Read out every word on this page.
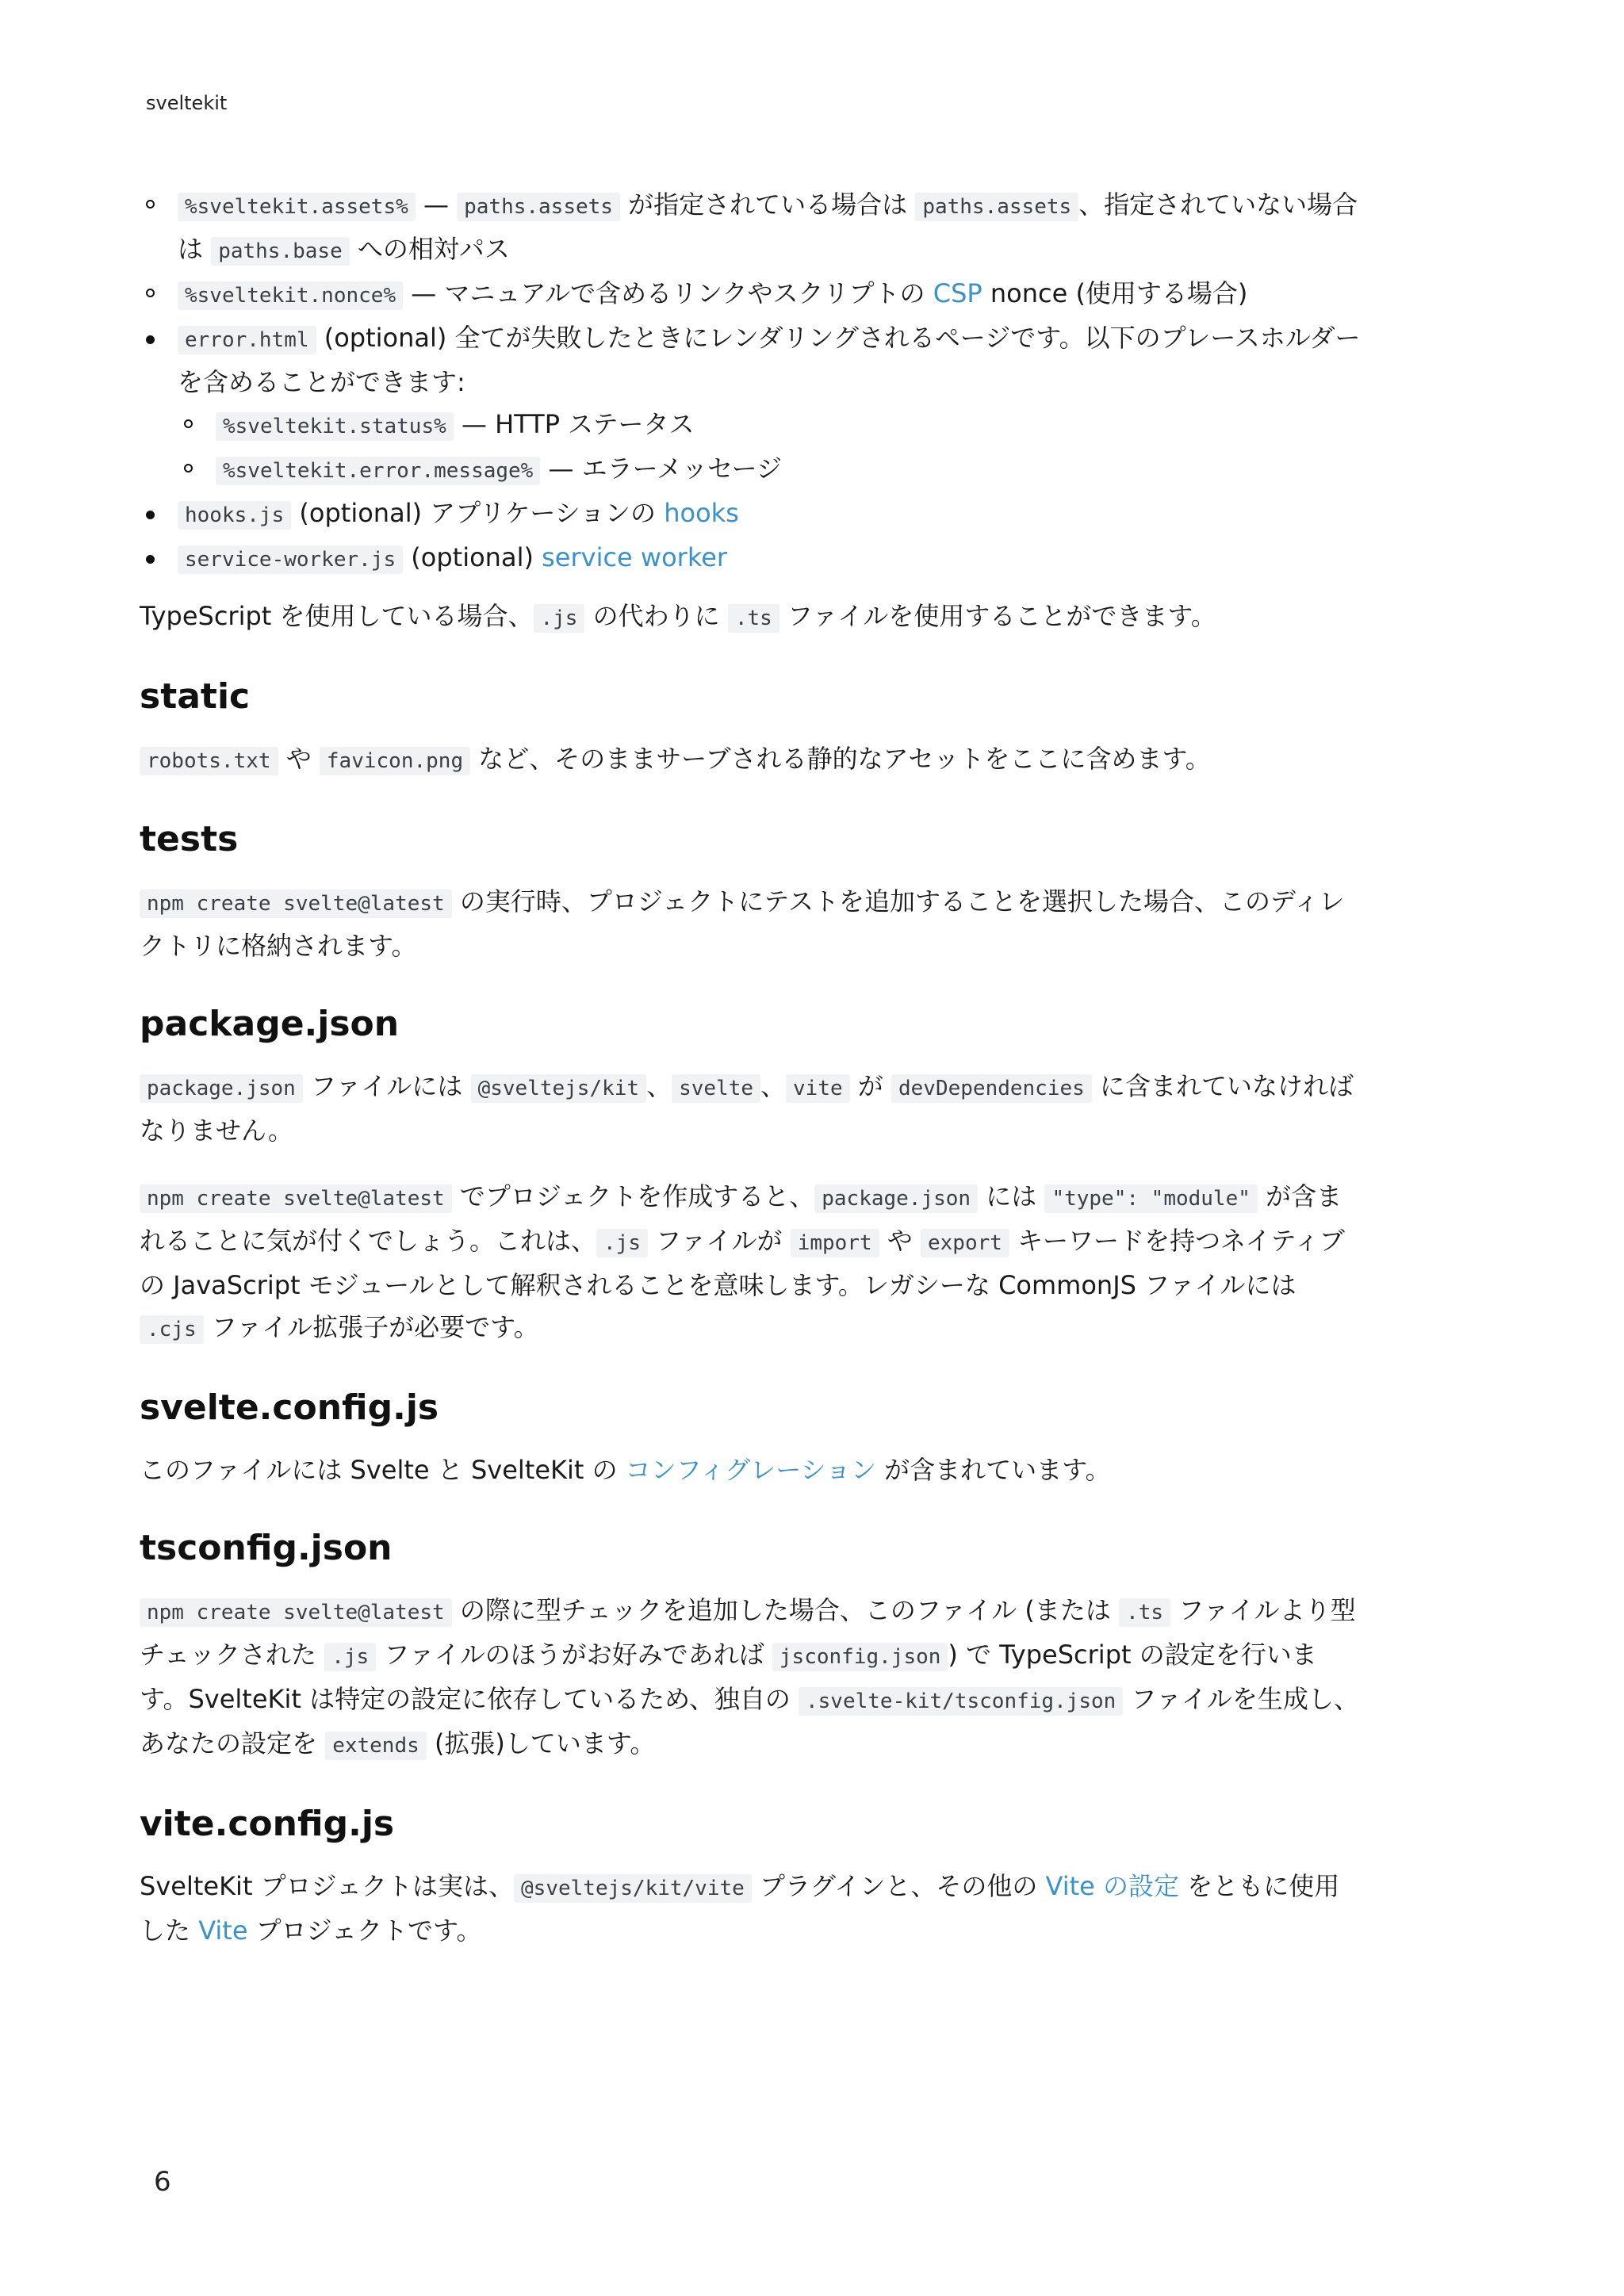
sveltekit
%sveltekit.assets% — paths.assets が指定されている場合は paths.assets 、指定されていない場合は paths.base への相対パス
%sveltekit.nonce% — マニュアルで含めるリンクやスクリプトの CSP nonce (使用する場合)
error.html (optional) 全てが失敗したときにレンダリングされるページです。以下のプレースホルダーを含めることができます:
%sveltekit.status% — HTTP ステータス
%sveltekit.error.message% — エラーメッセージ
hooks.js (optional) アプリケーションの hooks
service-worker.js (optional) service worker

TypeScript を使用している場合、 .js の代わりに .ts ファイルを使用することができます。

static

robots.txt や favicon.png など、そのままサーブされる静的なアセットをここに含めます。

tests

npm create svelte@latest の実行時、プロジェクトにテストを追加することを選択した場合、このディレクトリに格納されます。

package.json

package.json ファイルには @sveltejs/kit 、 svelte 、 vite が devDependencies に含まれていなければなりません。

npm create svelte@latest でプロジェクトを作成すると、 package.json には "type": "module" が含まれることに気が付くでしょう。これは、 .js ファイルが import や export キーワードを持つネイティブの JavaScript モジュールとして解釈されることを意味します。レガシーな CommonJS ファイルには .cjs ファイル拡張子が必要です。

svelte.config.js

このファイルには Svelte と SvelteKit の コンフィグレーション が含まれています。

tsconfig.json

npm create svelte@latest の際に型チェックを追加した場合、このファイル (または .ts ファイルより型チェックされた .js ファイルのほうがお好みであれば jsconfig.json ) で TypeScript の設定を行います。SvelteKit は特定の設定に依存しているため、独自の .svelte-kit/tsconfig.json ファイルを生成し、あなたの設定を extends (拡張)しています。

vite.config.js

SvelteKit プロジェクトは実は、 @sveltejs/kit/vite プラグインと、その他の Vite の設定 をともに使用した Vite プロジェクトです。

6
